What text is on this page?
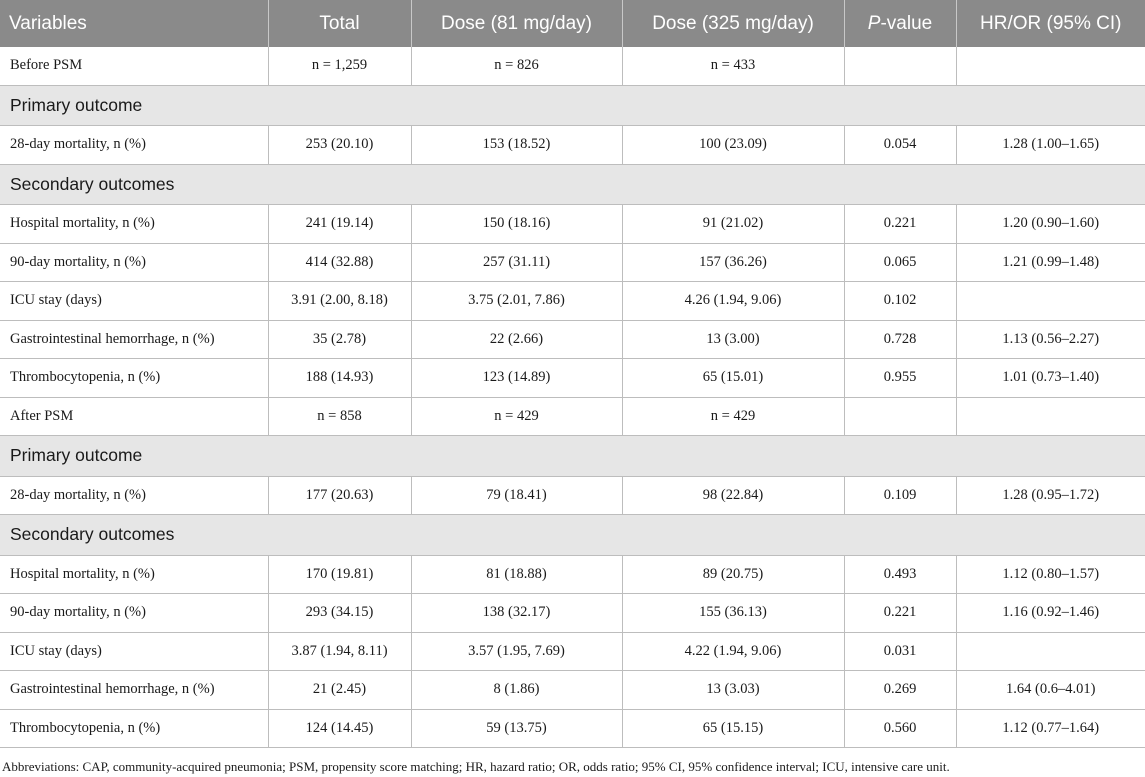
Variables	Total	Dose (81 mg/day)	Dose (325 mg/day)	P-value	HR/OR (95% CI)
Before PSM	n = 1,259	n = 826	n = 433		
Primary outcome					
28-day mortality, n (%)	253 (20.10)	153 (18.52)	100 (23.09)	0.054	1.28 (1.00–1.65)
Secondary outcomes					
Hospital mortality, n (%)	241 (19.14)	150 (18.16)	91 (21.02)	0.221	1.20 (0.90–1.60)
90-day mortality, n (%)	414 (32.88)	257 (31.11)	157 (36.26)	0.065	1.21 (0.99–1.48)
ICU stay (days)	3.91 (2.00, 8.18)	3.75 (2.01, 7.86)	4.26 (1.94, 9.06)	0.102	
Gastrointestinal hemorrhage, n (%)	35 (2.78)	22 (2.66)	13 (3.00)	0.728	1.13 (0.56–2.27)
Thrombocytopenia, n (%)	188 (14.93)	123 (14.89)	65 (15.01)	0.955	1.01 (0.73–1.40)
After PSM	n = 858	n = 429	n = 429		
Primary outcome					
28-day mortality, n (%)	177 (20.63)	79 (18.41)	98 (22.84)	0.109	1.28 (0.95–1.72)
Secondary outcomes					
Hospital mortality, n (%)	170 (19.81)	81 (18.88)	89 (20.75)	0.493	1.12 (0.80–1.57)
90-day mortality, n (%)	293 (34.15)	138 (32.17)	155 (36.13)	0.221	1.16 (0.92–1.46)
ICU stay (days)	3.87 (1.94, 8.11)	3.57 (1.95, 7.69)	4.22 (1.94, 9.06)	0.031	
Gastrointestinal hemorrhage, n (%)	21 (2.45)	8 (1.86)	13 (3.03)	0.269	1.64 (0.6–4.01)
Thrombocytopenia, n (%)	124 (14.45)	59 (13.75)	65 (15.15)	0.560	1.12 (0.77–1.64)
Abbreviations: CAP, community-acquired pneumonia; PSM, propensity score matching; HR, hazard ratio; OR, odds ratio; 95% CI, 95% confidence interval; ICU, intensive care unit.
